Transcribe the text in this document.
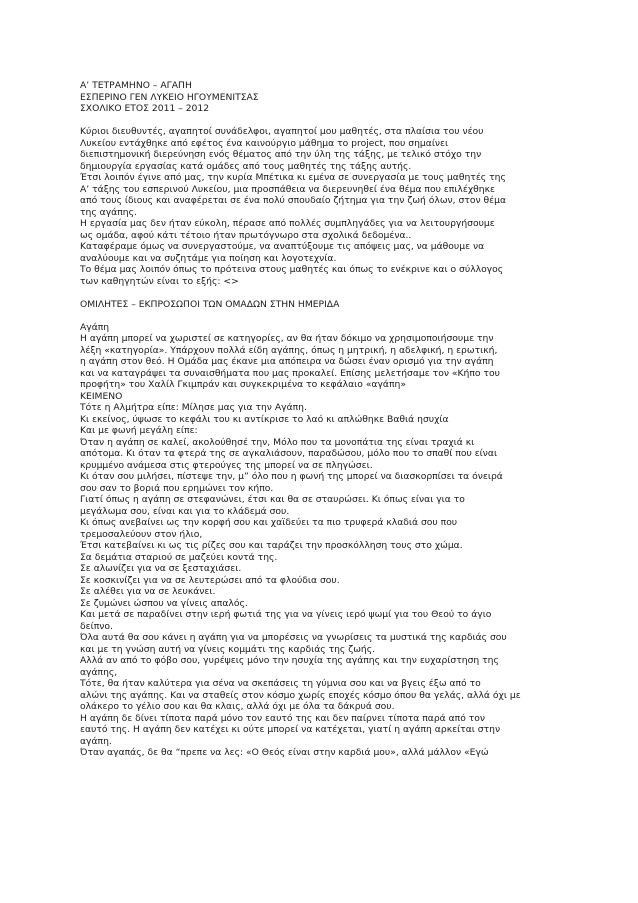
Α’ ΤΕΤΡΑΜΗΝΟ – ΑΓΑΠΗ

ΕΣΠΕΡΙΝΟ ΓΕΝ ΛΥΚΕΙΟ ΗΓΟΥΜΕΝΙΤΣΑΣ

ΣΧΟΛΙΚΟ ΕΤΟΣ 2011 – 2012

Κύριοι διευθυντές, αγαπητοί συνάδελφοι, αγαπητοί μου μαθητές, στα πλαίσια του νέου

Λυκείου εντάχθηκε από εφέτος ένα καινούργιο μάθημα το project, που σημαίνει

διεπιστημονική διερεύνηση ενός θέματος από την ύλη της τάξης, με τελικό στόχο την

δημιουργία εργασίας κατά ομάδες από τους μαθητές της τάξης αυτής.

Έτσι λοιπόν έγινε από μας, την κυρία Μπέτικα κι εμένα σε συνεργασία με τους μαθητές της

Α’ τάξης του εσπερινού Λυκείου, μια προσπάθεια να διερευνηθεί ένα θέμα που επιλέχθηκε

από τους ίδιους και αναφέρεται σε ένα πολύ σπουδαίο ζήτημα για την ζωή όλων, στον θέμα

της αγάπης.

Η εργασία μας δεν ήταν εύκολη, πέρασε από πολλές συμπληγάδες για να λειτουργήσουμε

ως ομάδα, αφού κάτι τέτοιο ήταν πρωτόγνωρο στα σχολικά δεδομένα..

Καταφέραμε όμως να συνεργαστούμε, να αναπτύξουμε τις απόψεις μας, να μάθουμε να

αναλύουμε και να συζητάμε για ποίηση και λογοτεχνία.

Το θέμα μας λοιπόν όπως το πρότεινα στους μαθητές και όπως το ενέκρινε και ο σύλλογος

των καθηγητών είναι το εξής: <>

ΟΜΙΛΗΤΕΣ – ΕΚΠΡΟΣΩΠΟΙ ΤΩΝ ΟΜΑΔΩΝ ΣΤΗΝ ΗΜΕΡΙΔΑ

Αγάπη

Η αγάπη μπορεί να χωριστεί σε κατηγορίες, αν θα ήταν δόκιμο να χρησιμοποιήσουμε την

λέξη «κατηγορία». Υπάρχουν πολλά είδη αγάπης, όπως η μητρική, η αδελφική, η ερωτική,

η αγάπη στον θεό. Η Ομάδα μας έκανε μια απόπειρα να δώσει έναν ορισμό για την αγάπη

και να καταγράψει τα συναισθήματα που μας προκαλεί. Επίσης μελετήσαμε τον «Κήπο του

προφήτη» του Χαλίλ Γκιμπράν και συγκεκριμένα το κεφάλαιο «αγάπη»

ΚΕΙΜΕΝΟ

Τότε η Αλμήτρα είπε: Μίλησε μας για την Αγάπη.

Κι εκείνος, ύψωσε το κεφάλι του κι αντίκρισε το λαό κι απλώθηκε Βαθιά ησυχία

Και με φωνή μεγάλη είπε:

Όταν η αγάπη σε καλεί, ακολούθησέ την, Μόλο που τα μονοπάτια της είναι τραχιά κι

απότομα. Κι όταν τα φτερά της σε αγκαλιάσουν, παραδώσου, μόλο που το σπαθί που είναι

κρυμμένο ανάμεσα στις φτερούγες της μπορεί να σε πληγώσει.

Κι όταν σου μιλήσει, πίστεψε την, μ” όλο που η φωνή της μπορεί να διασκορπίσει τα όνειρά

σου σαν το βοριά που ερημώνει τον κήπο.

Γιατί όπως η αγάπη σε στεφανώνει, έτσι και θα σε σταυρώσει. Κι όπως είναι για το

μεγάλωμα σου, είναι και για το κλάδεμά σου.

Κι όπως ανεβαίνει ως την κορφή σου και χαϊδεύει τα πιο τρυφερά κλαδιά σου που

τρεμοσαλεύουν στον ήλιο,

Έτσι κατεβαίνει κι ως τις ρίζες σου και ταράζει την προσκόλληση τους στο χώμα.

Σα δεμάτια σταριού σε μαζεύει κοντά της.

Σε αλωνίζει για να σε ξεσταχιάσει.

Σε κοσκινίζει για να σε λευτερώσει από τα φλούδια σου.

Σε αλέθει για να σε λευκάνει.

Σε ζυμώνει ώσπου να γίνεις απαλός.

Και μετά σε παραδίνει στην ιερή φωτιά της για να γίνεις ιερό ψωμί για του Θεού το άγιο

δείπνο.

Όλα αυτά θα σου κάνει η αγάπη για να μπορέσεις να γνωρίσεις τα μυστικά της καρδιάς σου

και με τη γνώση αυτή να γίνεις κομμάτι της καρδιάς της ζωής.

Αλλά αν από το φόβο σου, γυρέψεις μόνο την ησυχία της αγάπης και την ευχαρίστηση της

αγάπης,

Τότε, θα ήταν καλύτερα για σένα να σκεπάσεις τη γύμνια σου και να βγεις έξω από το

αλώνι της αγάπης. Και να σταθείς στον κόσμο χωρίς εποχές κόσμο όπου θα γελάς, αλλά όχι με

ολάκερο το γέλιο σου και θα κλαις, αλλά όχι με όλα τα δάκρυά σου.

Η αγάπη δε δίνει τίποτα παρά μόνο τον εαυτό της και δεν παίρνει τίποτα παρά από τον

εαυτό της. Η αγάπη δεν κατέχει κι ούτε μπορεί να κατέχεται, γιατί η αγάπη αρκείται στην

αγάπη.

Όταν αγαπάς, δε θα “πρεπε να λες: «Ο Θεός είναι στην καρδιά μου», αλλά μάλλον «Εγώ
